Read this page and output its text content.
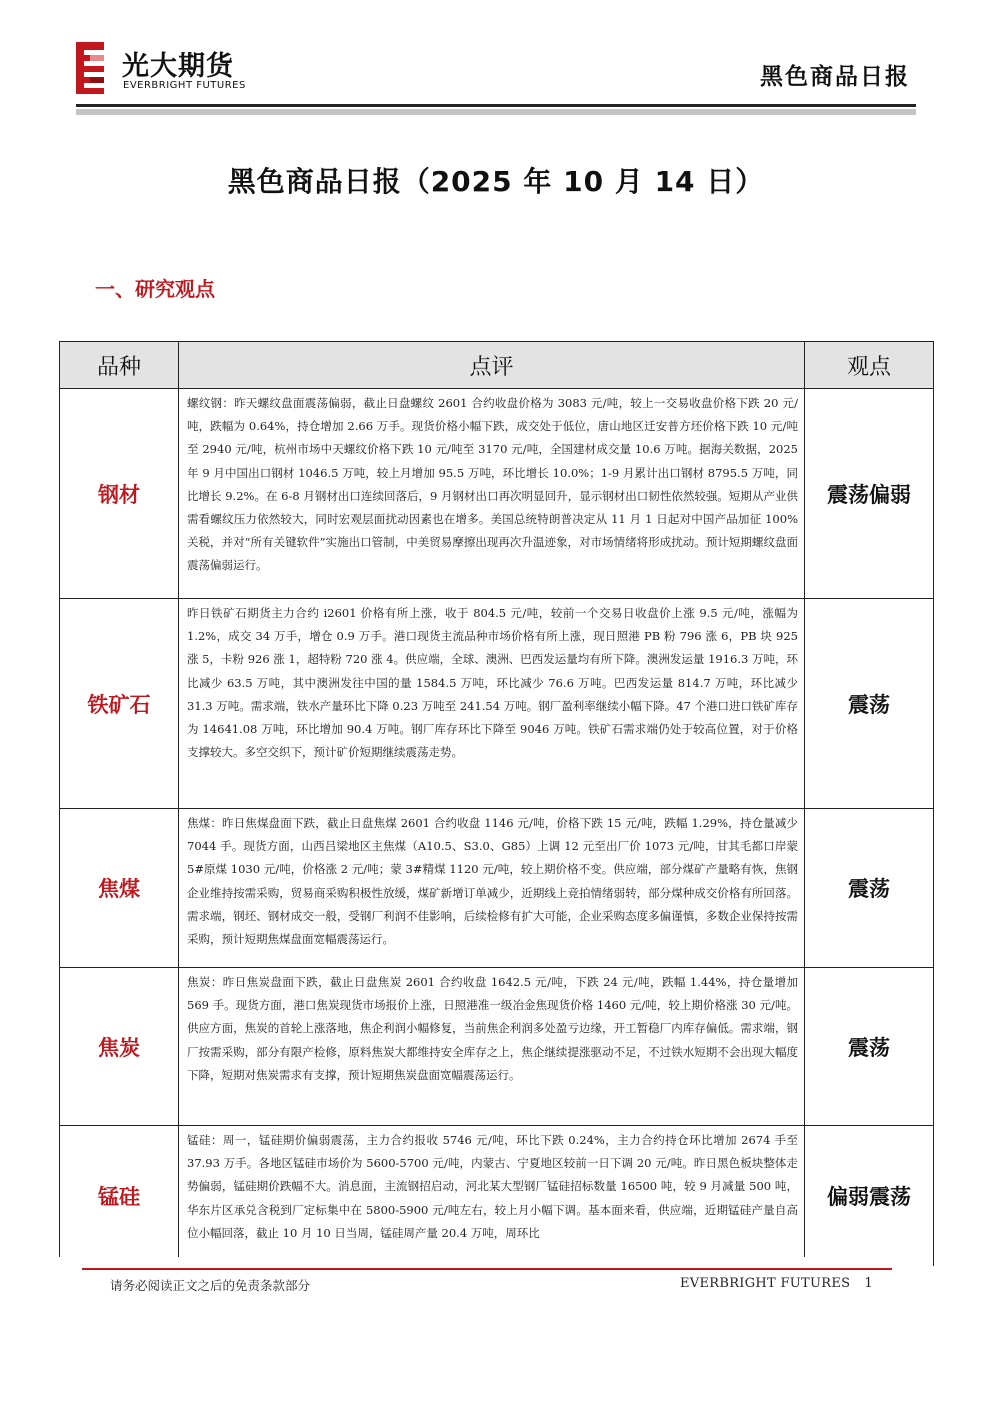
光大期货
EVERBRIGHT FUTURES	黑色商品日报
黑色商品日报（2025 年 10 月 14 日）
一、研究观点
品种	点评	观点
钢材	螺纹钢：昨天螺纹盘面震荡偏弱，截止日盘螺纹 2601 合约收盘价格为 3083 元/吨，较上一交易收盘价格下跌 20 元/吨，跌幅为 0.64%，持仓增加 2.66 万手。现货价格小幅下跌，成交处于低位，唐山地区迁安普方坯价格下跌 10 元/吨至 2940 元/吨，杭州市场中天螺纹价格下跌 10 元/吨至 3170 元/吨，全国建材成交量 10.6 万吨。据海关数据，2025 年 9 月中国出口钢材 1046.5 万吨，较上月增加 95.5 万吨，环比增长 10.0%；1-9 月累计出口钢材 8795.5 万吨，同比增长 9.2%。在 6-8 月钢材出口连续回落后，9 月钢材出口再次明显回升，显示钢材出口韧性依然较强。短期从产业供需看螺纹压力依然较大，同时宏观层面扰动因素也在增多。美国总统特朗普决定从 11 月 1 日起对中国产品加征 100%关税，并对“所有关键软件”实施出口管制，中美贸易摩擦出现再次升温迹象，对市场情绪将形成扰动。预计短期螺纹盘面震荡偏弱运行。	震荡偏弱
铁矿石	昨日铁矿石期货主力合约 i2601 价格有所上涨，收于 804.5 元/吨，较前一个交易日收盘价上涨 9.5 元/吨，涨幅为 1.2%，成交 34 万手，增仓 0.9 万手。港口现货主流品种市场价格有所上涨，现日照港 PB 粉 796 涨 6，PB 块 925 涨 5，卡粉 926 涨 1，超特粉 720 涨 4。供应端，全球、澳洲、巴西发运量均有所下降。澳洲发运量 1916.3 万吨，环比减少 63.5 万吨，其中澳洲发往中国的量 1584.5 万吨，环比减少 76.6 万吨。巴西发运量 814.7 万吨，环比减少 31.3 万吨。需求端，铁水产量环比下降 0.23 万吨至 241.54 万吨。钢厂盈利率继续小幅下降。47 个港口进口铁矿库存为 14641.08 万吨，环比增加 90.4 万吨。钢厂库存环比下降至 9046 万吨。铁矿石需求端仍处于较高位置，对于价格支撑较大。多空交织下，预计矿价短期继续震荡走势。	震荡
焦煤	焦煤：昨日焦煤盘面下跌，截止日盘焦煤 2601 合约收盘 1146 元/吨，价格下跌 15 元/吨，跌幅 1.29%，持仓量减少 7044 手。现货方面，山西吕梁地区主焦煤（A10.5、S3.0、G85）上调 12 元至出厂价 1073 元/吨，甘其毛都口岸蒙 5#原煤 1030 元/吨，价格涨 2 元/吨；蒙 3#精煤 1120 元/吨，较上期价格不变。供应端，部分煤矿产量略有恢，焦钢企业维持按需采购，贸易商采购积极性放缓，煤矿新增订单减少，近期线上竞拍情绪弱转，部分煤种成交价格有所回落。需求端，钢坯、钢材成交一般，受钢厂利润不佳影响，后续检修有扩大可能，企业采购态度多偏谨慎，多数企业保持按需采购，预计短期焦煤盘面宽幅震荡运行。	震荡
焦炭	焦炭：昨日焦炭盘面下跌，截止日盘焦炭 2601 合约收盘 1642.5 元/吨，下跌 24 元/吨，跌幅 1.44%，持仓量增加 569 手。现货方面，港口焦炭现货市场报价上涨，日照港准一级冶金焦现货价格 1460 元/吨，较上期价格涨 30 元/吨。供应方面，焦炭的首轮上涨落地，焦企利润小幅修复，当前焦企利润多处盈亏边缘，开工暂稳厂内库存偏低。需求端，钢厂按需采购，部分有限产检修，原料焦炭大都维持安全库存之上，焦企继续提涨驱动不足，不过铁水短期不会出现大幅度下降，短期对焦炭需求有支撑，预计短期焦炭盘面宽幅震荡运行。	震荡
锰硅	锰硅：周一，锰硅期价偏弱震荡，主力合约报收 5746 元/吨，环比下跌 0.24%，主力合约持仓环比增加 2674 手至 37.93 万手。各地区锰硅市场价为 5600-5700 元/吨，内蒙古、宁夏地区较前一日下调 20 元/吨。昨日黑色板块整体走势偏弱，锰硅期价跌幅不大。消息面，主流钢招启动，河北某大型钢厂锰硅招标数量 16500 吨，较 9 月减量 500 吨，华东片区承兑含税到厂定标集中在 5800-5900 元/吨左右，较上月小幅下调。基本面来看，供应端，近期锰硅产量自高位小幅回落，截止 10 月 10 日当周，锰硅周产量 20.4 万吨，周环比	偏弱震荡
请务必阅读正文之后的免责条款部分	EVERBRIGHT FUTURES 1
